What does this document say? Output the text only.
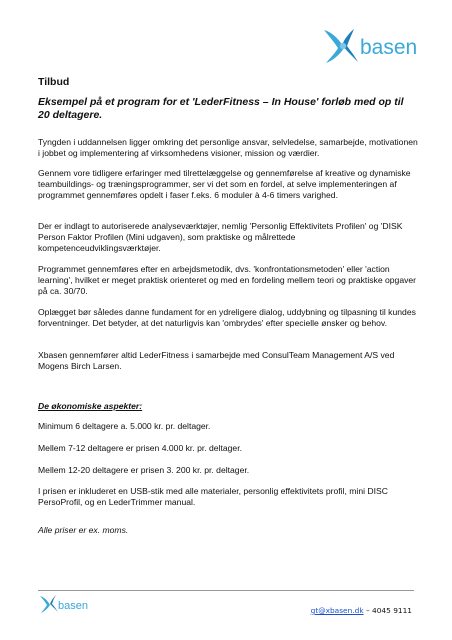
basen
Tilbud
Eksempel på et program for et 'LederFitness – In House' forløb med op til 20 deltagere.

Tyngden i uddannelsen ligger omkring det personlige ansvar, selvledelse, samarbejde, motivationen i jobbet og implementering af virksomhedens visioner, mission og værdier.

Gennem vore tidligere erfaringer med tilrettelæggelse og gennemførelse af kreative og dynamiske teambuildings- og træningsprogrammer, ser vi det som en fordel, at selve implementeringen af programmet gennemføres opdelt i faser f.eks. 6 moduler à 4-6 timers varighed.

Der er indlagt to autoriserede analyseværktøjer, nemlig 'Personlig Effektivitets Profilen' og 'DISK Person Faktor Profilen (Mini udgaven), som praktiske og målrettede kompetenceudviklingsværktøjer.

Programmet gennemføres efter en arbejdsmetodik, dvs. 'konfrontationsmetoden' eller 'action learning', hvilket er meget praktisk orienteret og med en fordeling mellem teori og praktiske opgaver på ca. 30/70.

Oplægget bør således danne fundament for en ydreligere dialog, uddybning og tilpasning til kundes forventninger. Det betyder, at det naturligvis kan 'ombrydes' efter specielle ønsker og behov.

Xbasen gennemfører altid LederFitness i samarbejde med ConsulTeam Management A/S ved Mogens Birch Larsen.

De økonomiske aspekter:

Minimum 6 deltagere a. 5.000 kr. pr. deltager.

Mellem 7-12 deltagere er prisen 4.000 kr. pr. deltager.

Mellem 12-20 deltagere er prisen 3. 200 kr. pr. deltager.

I prisen er inkluderet en USB-stik med alle materialer, personlig effektivitets profil, mini DISC PersoProfil, og en LederTrimmer manual.

Alle priser er ex. moms.

basen	gt@xbasen.dk – 4045 9111
